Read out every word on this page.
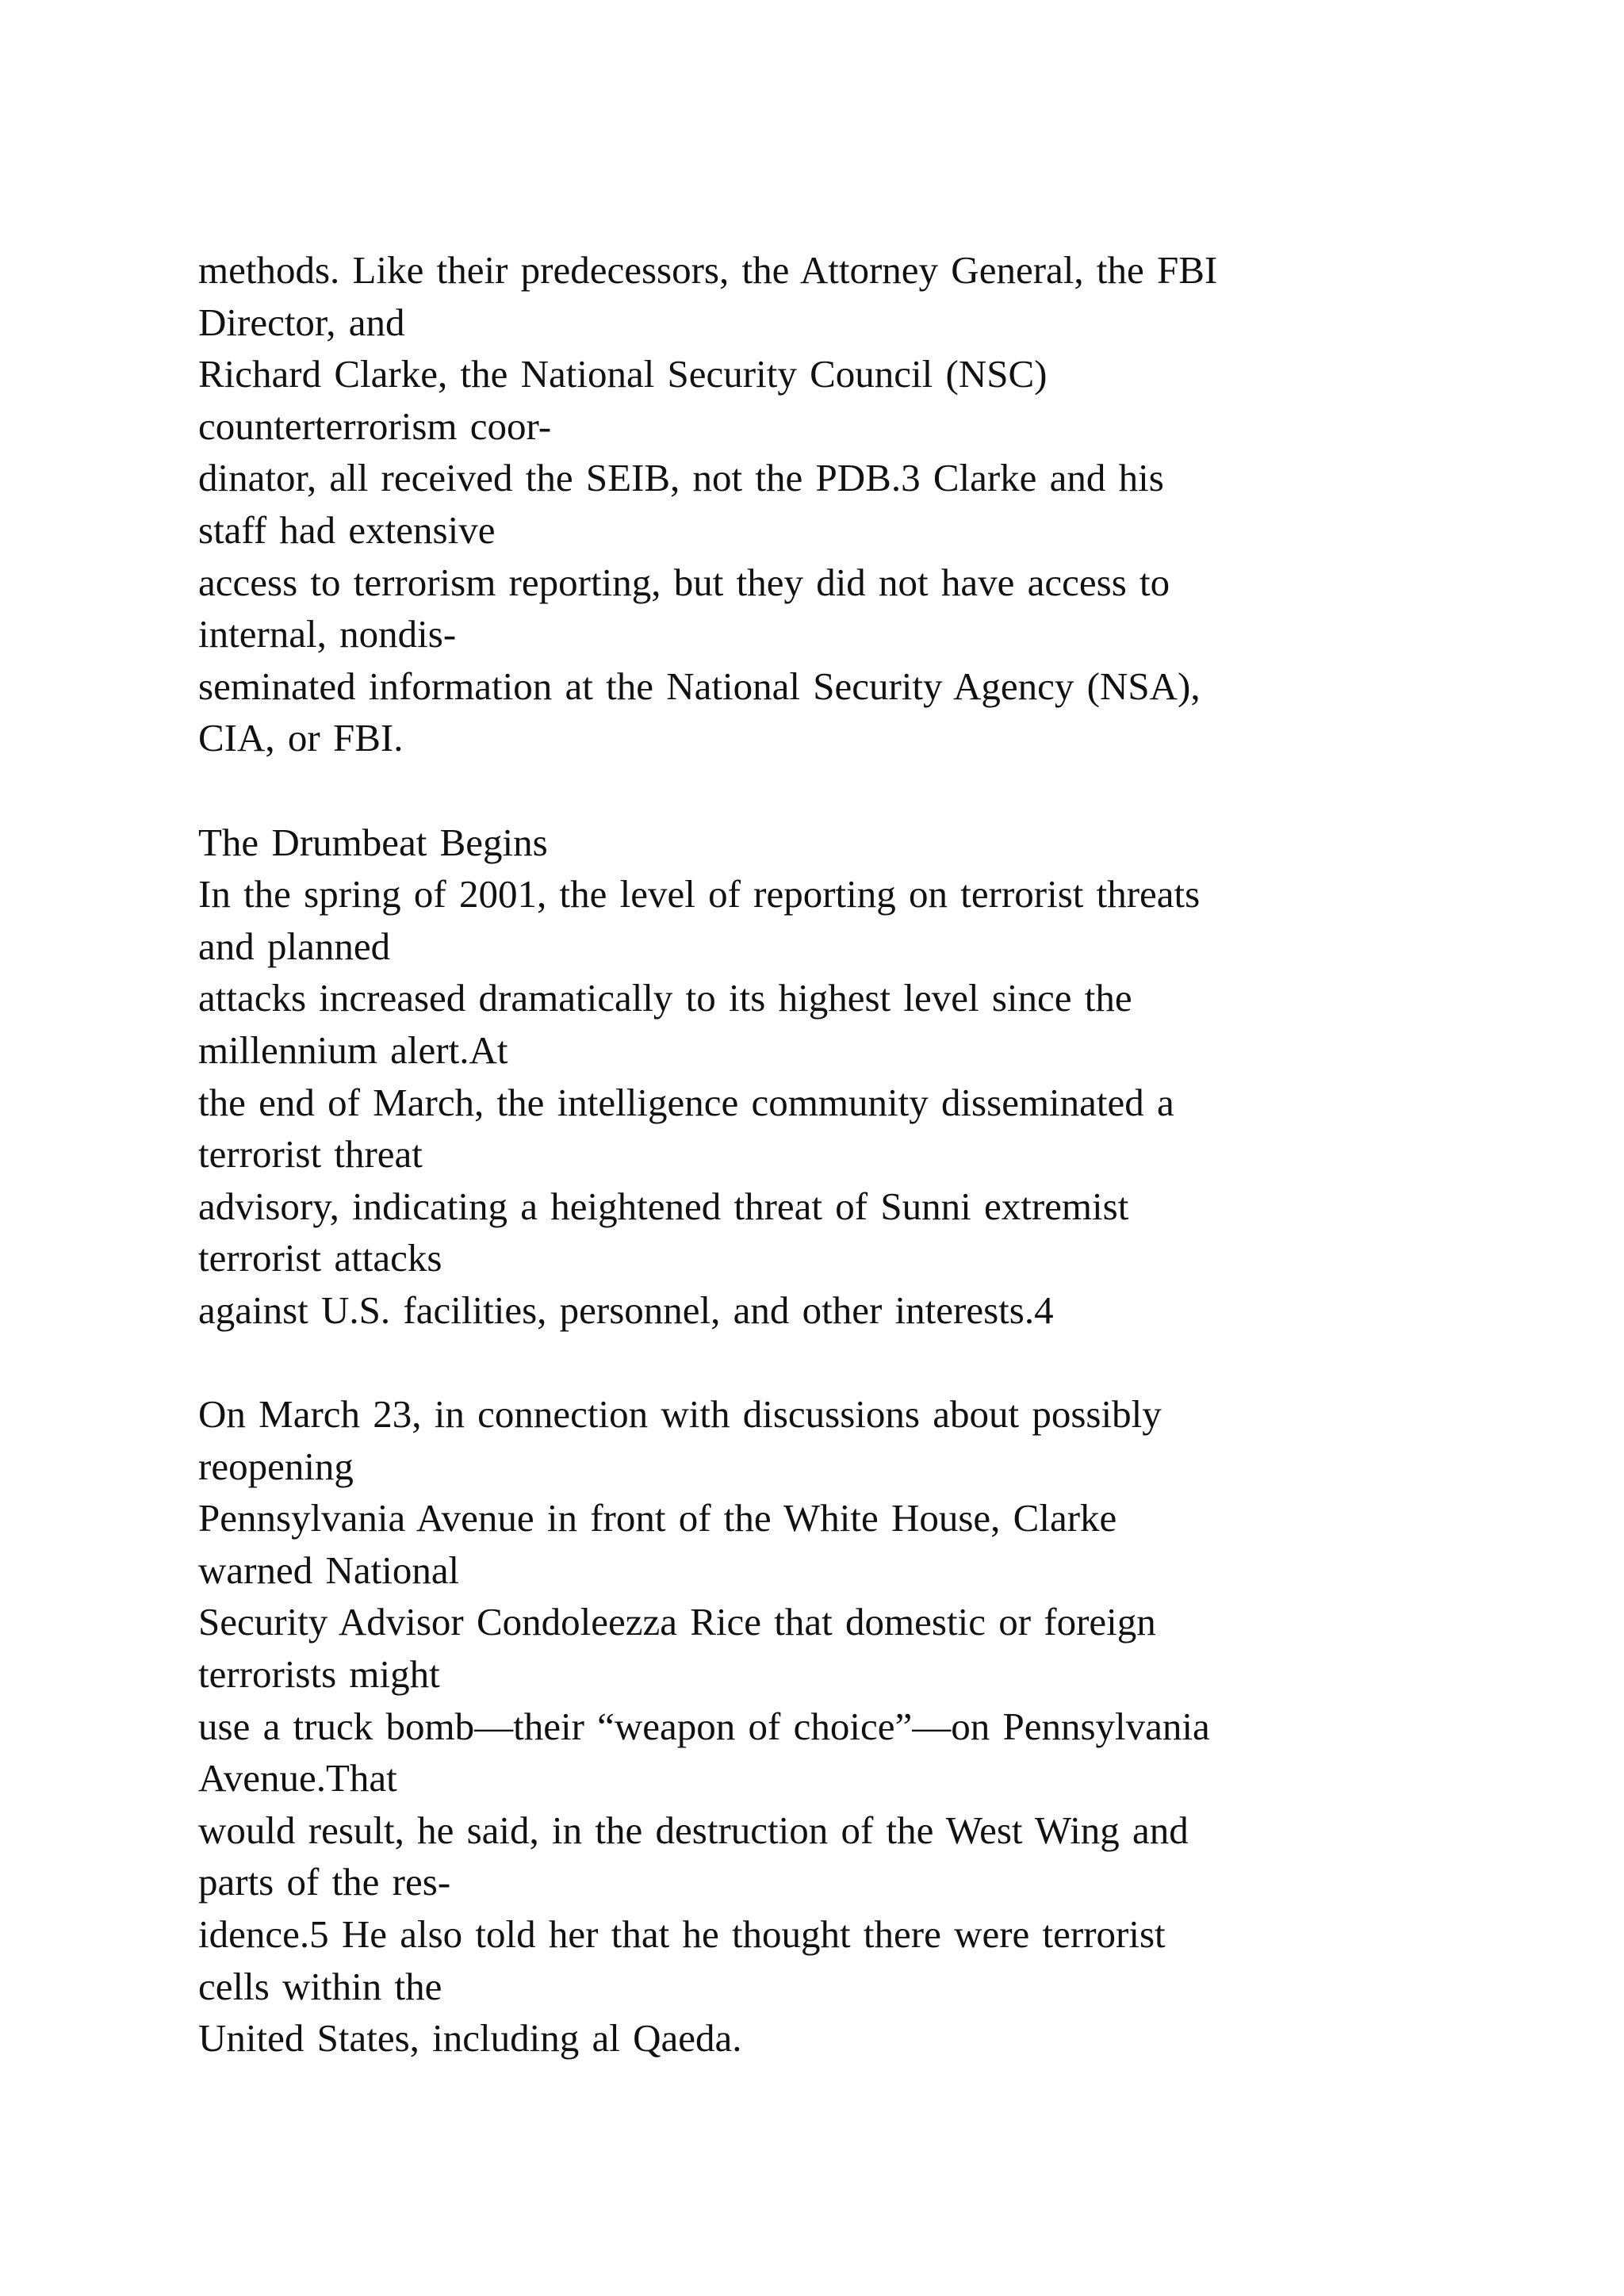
methods. Like their predecessors, the Attorney General, the FBI
Director, and
Richard Clarke, the National Security Council (NSC)
counterterrorism coor-
dinator, all received the SEIB, not the PDB.3 Clarke and his
staff had extensive
access to terrorism reporting, but they did not have access to
internal, nondis-
seminated information at the National Security Agency (NSA),
CIA, or FBI.
The Drumbeat Begins
In the spring of 2001, the level of reporting on terrorist threats
and planned
attacks increased dramatically to its highest level since the
millennium alert.At
the end of March, the intelligence community disseminated a
terrorist threat
advisory, indicating a heightened threat of Sunni extremist
terrorist attacks
against U.S. facilities, personnel, and other interests.4
On March 23, in connection with discussions about possibly
reopening
Pennsylvania Avenue in front of the White House, Clarke
warned National
Security Advisor Condoleezza Rice that domestic or foreign
terrorists might
use a truck bomb—their “weapon of choice”—on Pennsylvania
Avenue.That
would result, he said, in the destruction of the West Wing and
parts of the res-
idence.5 He also told her that he thought there were terrorist
cells within the
United States, including al Qaeda.
